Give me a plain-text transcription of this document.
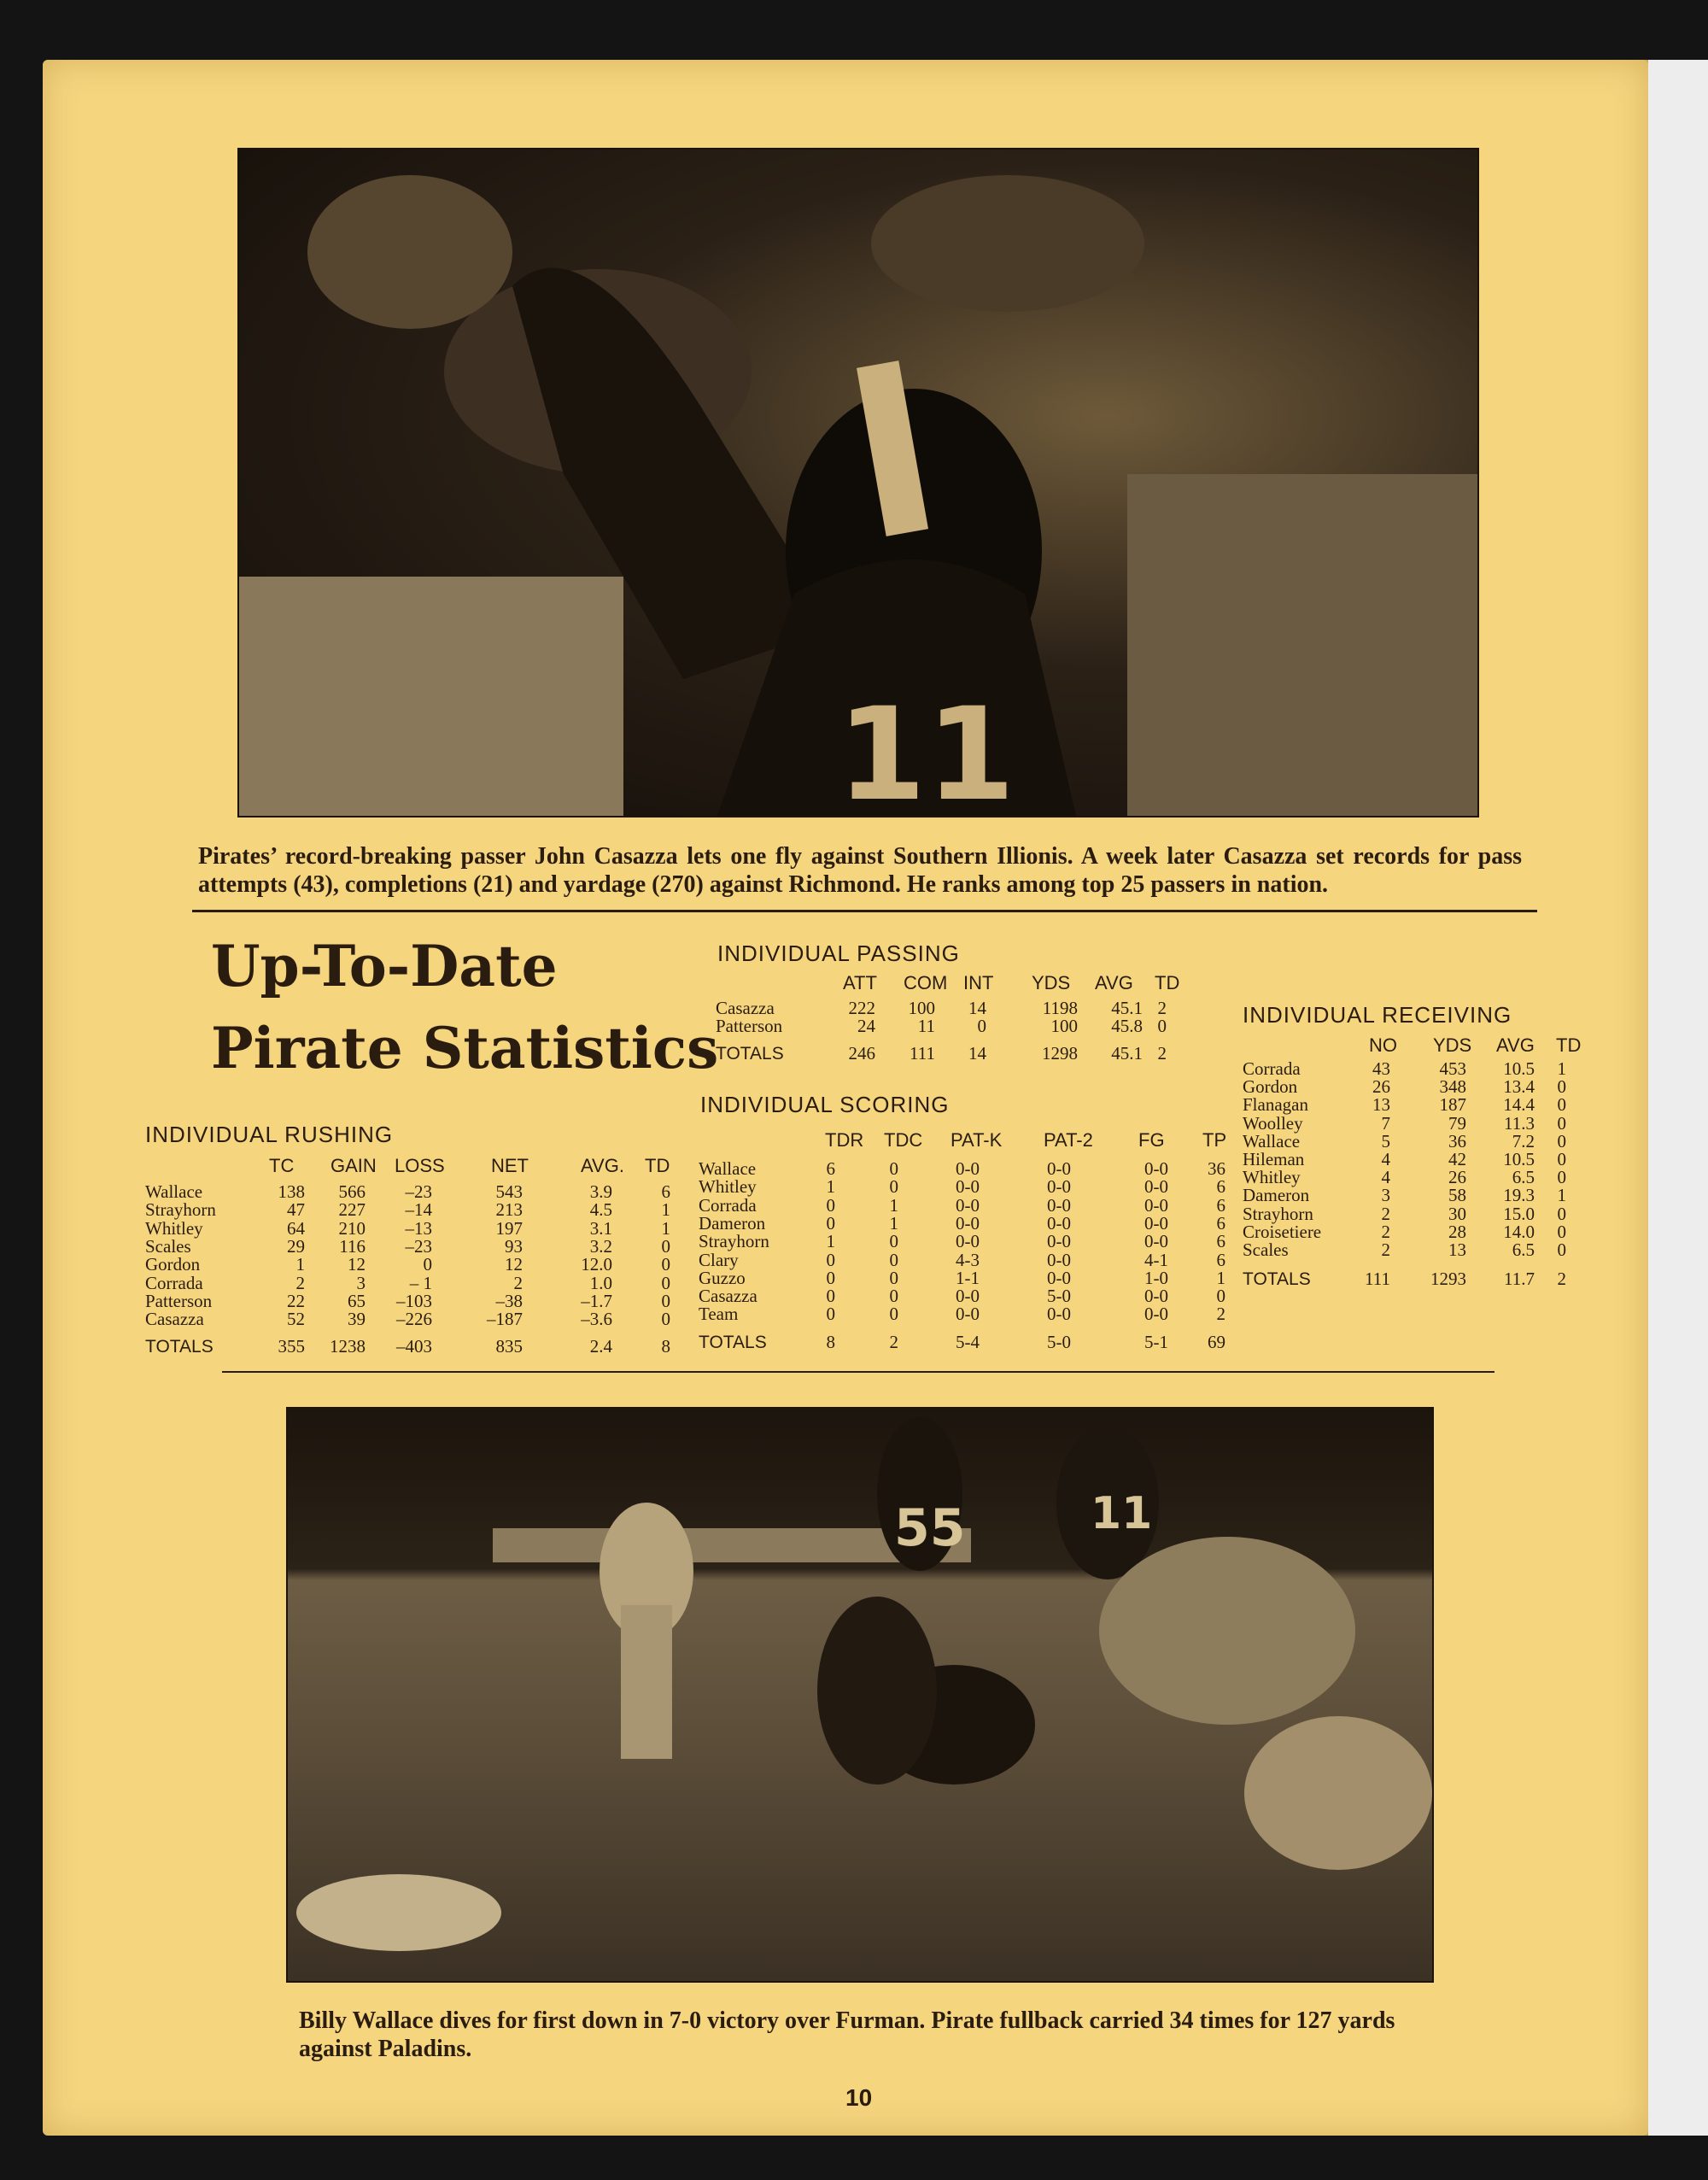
11
Pirates’ record-breaking passer John Casazza lets one fly against Southern Illionis. A week later Casazza set records for pass attempts (43), completions (21) and yardage (270) against Richmond. He ranks among top 25 passers in nation.
Up-To-Date
Pirate Statistics
INDIVIDUAL RUSHING
TC GAIN LOSS NET	AVG. TD
Wallace	138	566	–23	543	3.9	6
Strayhorn	47	227	–14	213	4.5	1
Whitley	64	210	–13	197	3.1	1
Scales	29	116	–23	93	3.2	0
Gordon	1	12	0	12	12.0	0
Corrada	2	3	– 1	2	1.0	0
Patterson	22	65	–103	–38	–1.7	0
Casazza	52	39	–226	–187	–3.6	0
TOTALS	355	1238	–403	835	2.4	8
INDIVIDUAL PASSING
ATT COM INT YDS AVG TD
Casazza	222	100	14	1198	45.1 2
Patterson	24	11	0	100	45.8 0
TOTALS	246	111	14	1298	45.1 2
INDIVIDUAL SCORING
TDR TDC PAT-K PAT-2 FG TP
Wallace	6	0	0-0	0-0	0-0	36
Whitley	1	0	0-0	0-0	0-0	6
Corrada	0	1	0-0	0-0	0-0	6
Dameron	0	1	0-0	0-0	0-0	6
Strayhorn	1	0	0-0	0-0	0-0	6
Clary	0	0	4-3	0-0	4-1	6
Guzzo	0	0	1-1	0-0	1-0	1
Casazza	0	0	0-0	5-0	0-0	0
Team	0	0	0-0	0-0	0-0	2
TOTALS	8	2	5-4	5-0	5-1	69
INDIVIDUAL RECEIVING
NO YDS AVG TD
Corrada	43	453	10.5	1
Gordon	26	348	13.4	0
Flanagan	13	187	14.4	0
Woolley	7	79	11.3	0
Wallace	5	36	7.2	0
Hileman	4	42	10.5	0
Whitley	4	26	6.5	0
Dameron	3	58	19.3	1
Strayhorn	2	30	15.0	0
Croisetiere	2	28	14.0	0
Scales	2	13	6.5	0
TOTALS	111	1293	11.7	2
55	11
Billy Wallace dives for first down in 7-0 victory over Furman. Pirate fullback carried 34 times for 127 yards against Paladins.
10
